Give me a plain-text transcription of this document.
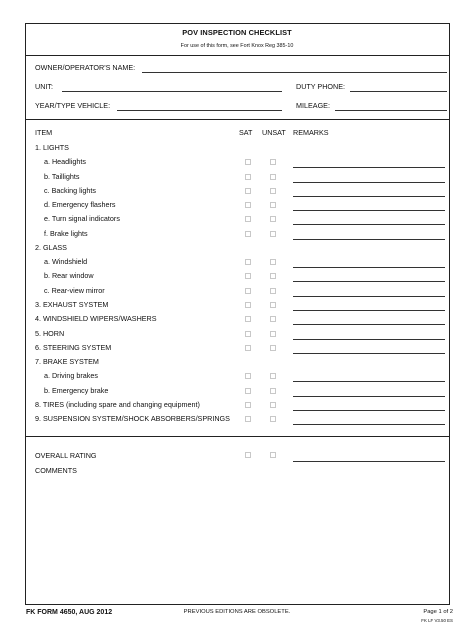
POV INSPECTION CHECKLIST
For use of this form, see Fort Knox Reg 385-10
OWNER/OPERATOR'S NAME:
UNIT:	DUTY PHONE:
YEAR/TYPE VEHICLE:	MILEAGE:
ITEM	SAT UNSAT REMARKS
1. LIGHTS
a. Headlights
b. Taillights
c. Backing lights
d. Emergency flashers
e. Turn signal indicators
f. Brake lights
2. GLASS
a. Windshield
b. Rear window
c. Rear-view mirror
3. EXHAUST SYSTEM
4. WINDSHIELD WIPERS/WASHERS
5. HORN
6. STEERING SYSTEM
7. BRAKE SYSTEM
a. Driving brakes
b. Emergency brake
8. TIRES (including spare and changing equipment)
9. SUSPENSION SYSTEM/SHOCK ABSORBERS/SPRINGS
OVERALL RATING
COMMENTS
FK FORM 4650, AUG 2012	PREVIOUS EDITIONS ARE OBSOLETE.	Page 1 of 2
FK LF V3.50 ES
